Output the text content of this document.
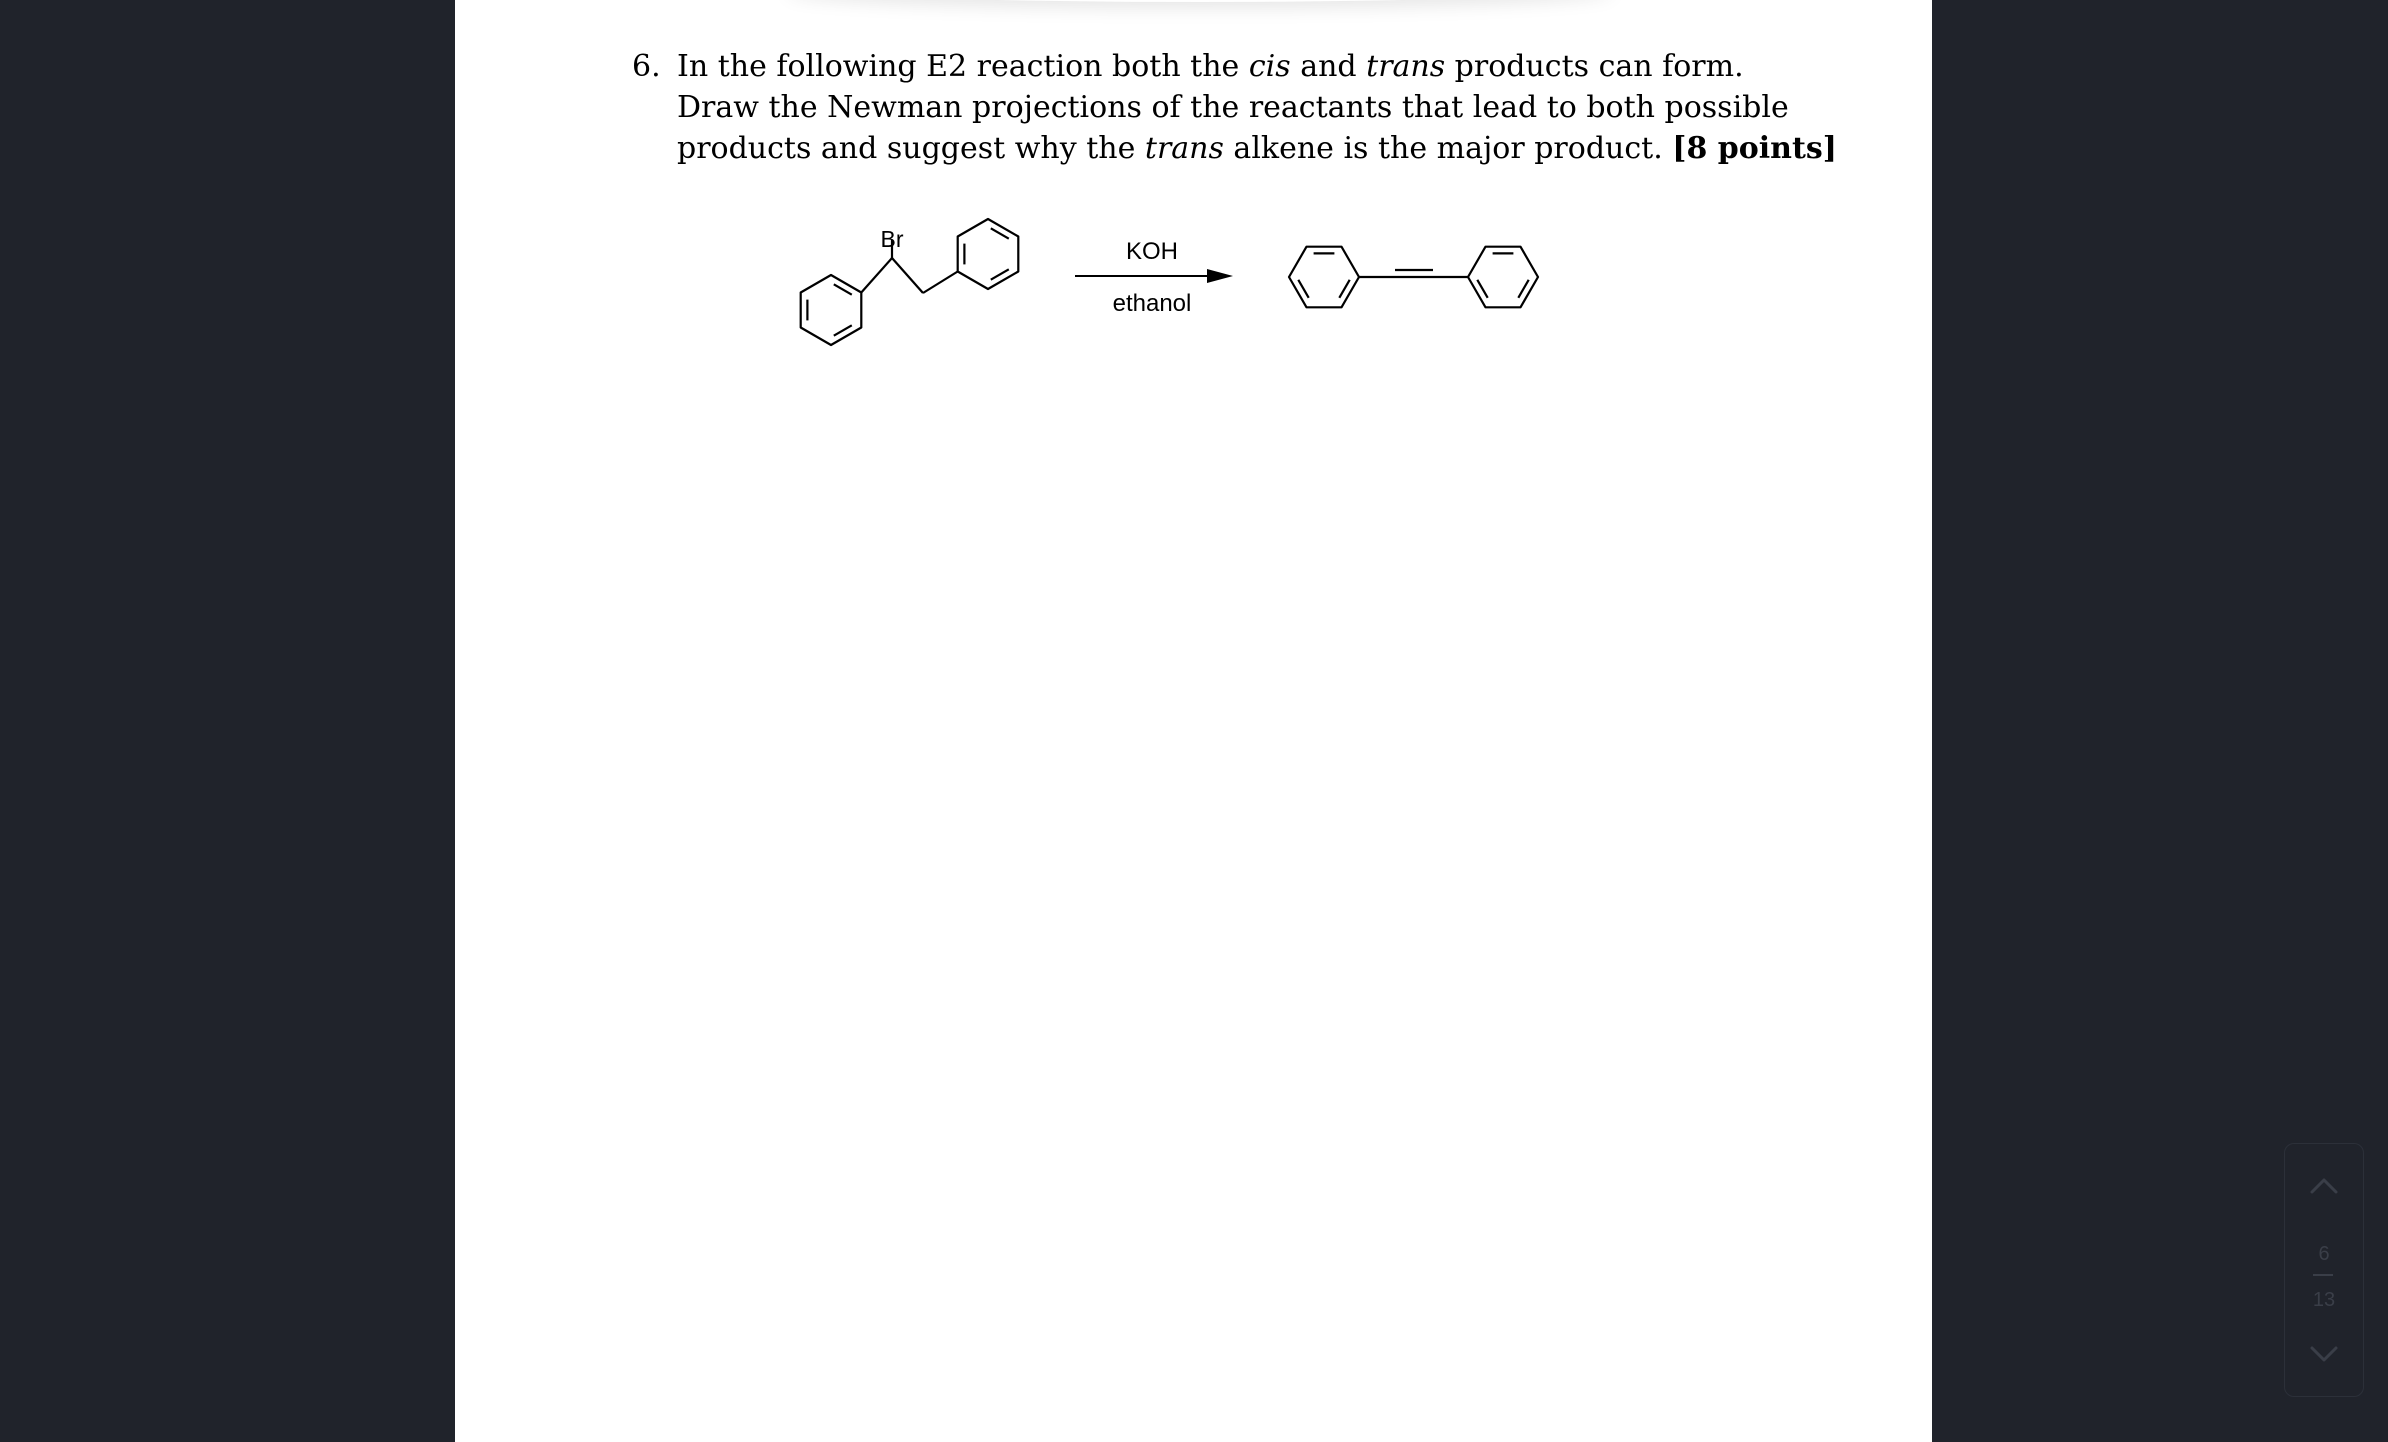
6. In the following E2 reaction both the cis and trans products can form.
Draw the Newman projections of the reactants that lead to both possible
products and suggest why the trans alkene is the major product. [8 points]
Br	KOH
ethanol
6
13
